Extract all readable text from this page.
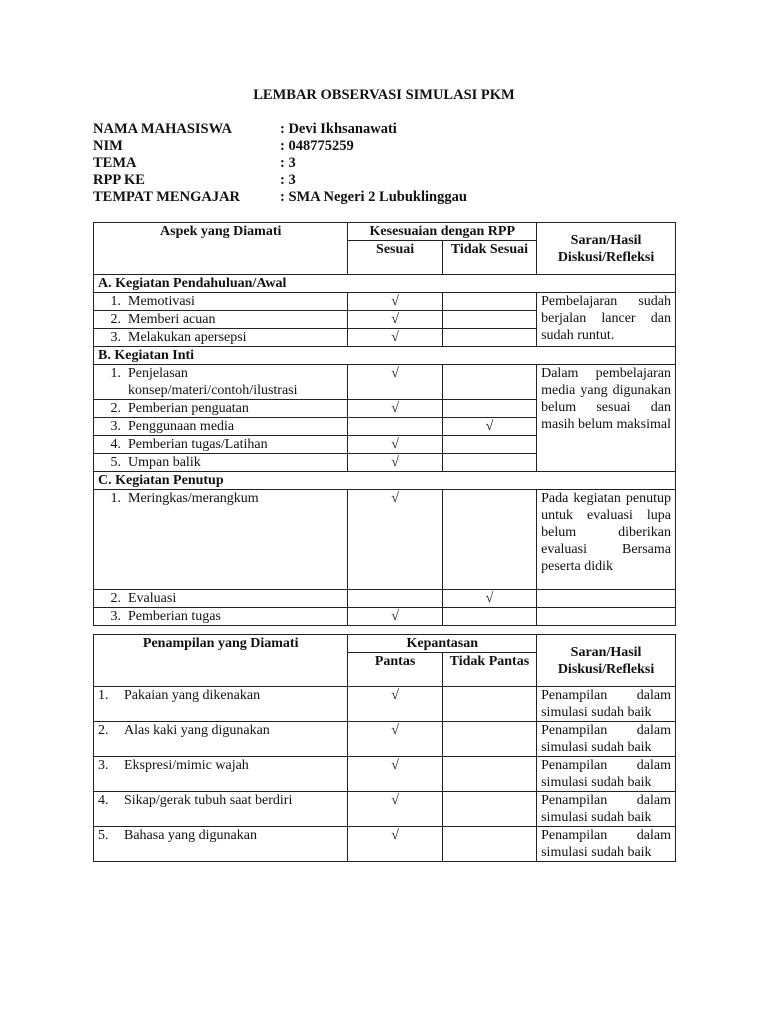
LEMBAR OBSERVASI SIMULASI PKM
NAMA MAHASISWA	: Devi Ikhsanawati
NIM	: 048775259
TEMA	: 3
RPP KE	: 3
TEMPAT MENGAJAR	: SMA Negeri 2 Lubuklinggau
Aspek yang Diamati	Kesesuaian dengan RPP		Saran/Hasil Diskusi/Refleksi
	Sesuai	Tidak Sesuai	
A. Kegiatan Pendahuluan/Awal			
1. Memotivasi	√		Pembelajaran sudah berjalan lancer dan sudah runtut.
2. Memberi acuan	√		
3. Melakukan apersepsi	√		
B. Kegiatan Inti			

1. Penjelasan konsep/materi/contoh/ilustrasi	√		Dalam pembelajaran media yang digunakan belum sesuai dan masih belum maksimal
2. Pemberian penguatan	√		
3. Penggunaan media		√	
4. Pemberian tugas/Latihan	√		
5. Umpan balik	√		
C. Kegiatan Penutup			
1. Meringkas/merangkum	√		Pada kegiatan penutup untuk evaluasi lupa belum diberikan evaluasi Bersama peserta didik
2. Evaluasi		√	
3. Pemberian tugas	√		
Penampilan yang Diamati	Kepantasan		Saran/Hasil Diskusi/Refleksi
	Pantas	Tidak Pantas	
1. Pakaian yang dikenakan	√		Penampilan dalam simulasi sudah baik
2. Alas kaki yang digunakan	√		Penampilan dalam simulasi sudah baik
3. Ekspresi/mimic wajah	√		Penampilan dalam simulasi sudah baik
4. Sikap/gerak tubuh saat berdiri	√		Penampilan dalam simulasi sudah baik
5. Bahasa yang digunakan	√		Penampilan dalam simulasi sudah baik
